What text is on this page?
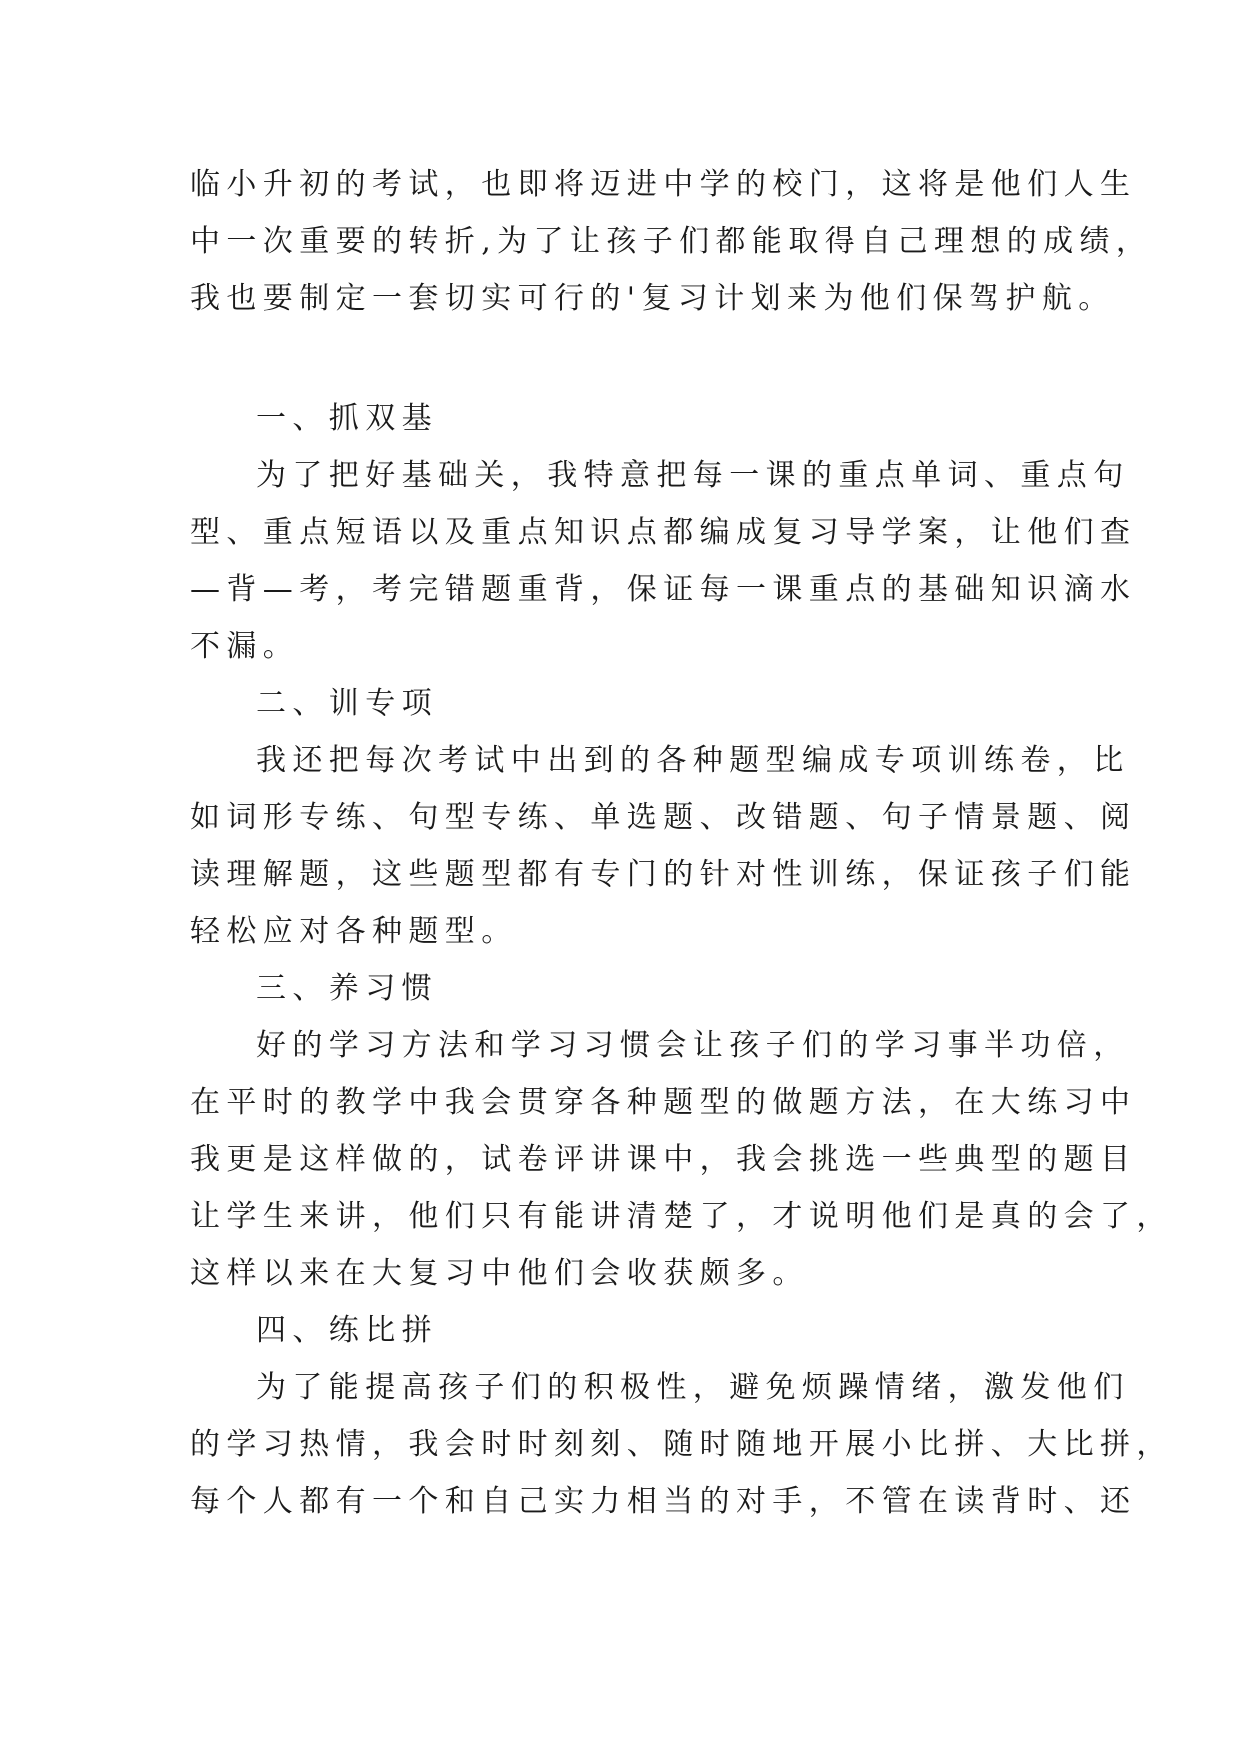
临小升初的考试，也即将迈进中学的校门，这将是他们人生
中一次重要的转折,为了让孩子们都能取得自己理想的成绩，
我也要制定一套切实可行的'复习计划来为他们保驾护航。
一、抓双基
为了把好基础关，我特意把每一课的重点单词、重点句
型、重点短语以及重点知识点都编成复习导学案，让他们查
—背—考，考完错题重背，保证每一课重点的基础知识滴水
不漏。
二、训专项
我还把每次考试中出到的各种题型编成专项训练卷，比
如词形专练、句型专练、单选题、改错题、句子情景题、阅
读理解题，这些题型都有专门的针对性训练，保证孩子们能
轻松应对各种题型。
三、养习惯
好的学习方法和学习习惯会让孩子们的学习事半功倍，
在平时的教学中我会贯穿各种题型的做题方法，在大练习中
我更是这样做的，试卷评讲课中，我会挑选一些典型的题目
让学生来讲，他们只有能讲清楚了，才说明他们是真的会了，
这样以来在大复习中他们会收获颇多。
四、练比拼
为了能提高孩子们的积极性，避免烦躁情绪，激发他们
的学习热情，我会时时刻刻、随时随地开展小比拼、大比拼，
每个人都有一个和自己实力相当的对手，不管在读背时、还
